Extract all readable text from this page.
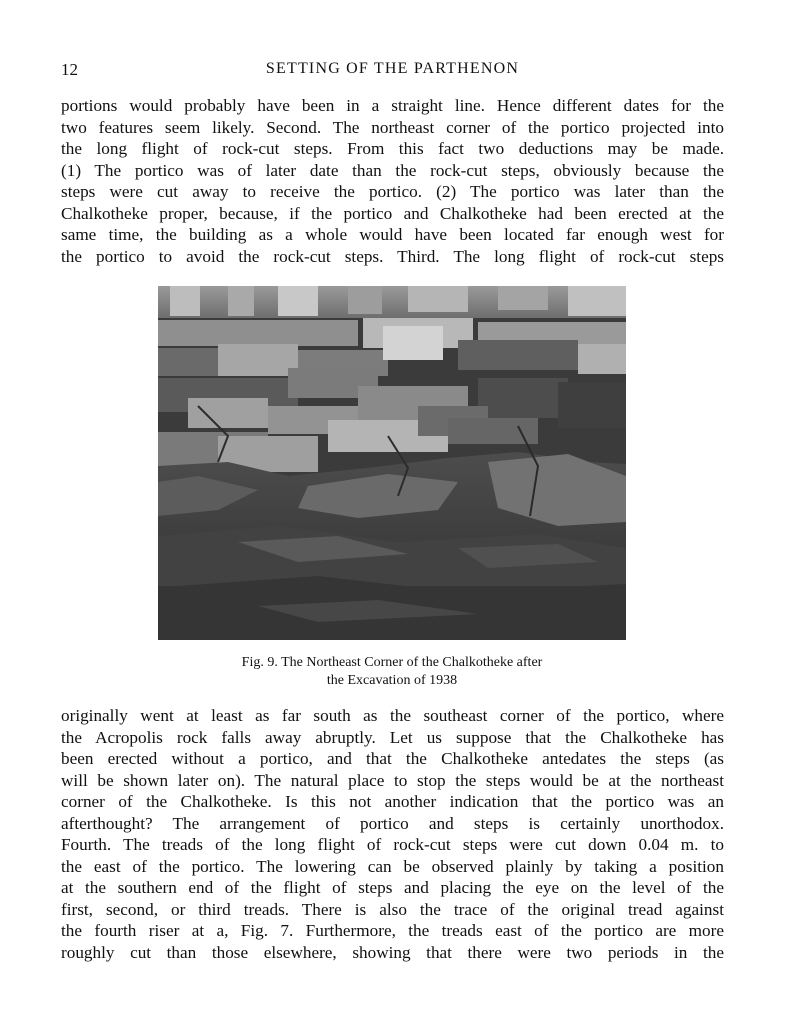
12	SETTING OF THE PARTHENON
portions would probably have been in a straight line. Hence different dates for the
two features seem likely. Second. The northeast corner of the portico projected into
the long flight of rock-cut steps. From this fact two deductions may be made.
(1) The portico was of later date than the rock-cut steps, obviously because the
steps were cut away to receive the portico. (2) The portico was later than the
Chalkotheke proper, because, if the portico and Chalkotheke had been erected at the
same time, the building as a whole would have been located far enough west for
the portico to avoid the rock-cut steps. Third. The long flight of rock-cut steps
Fig. 9. The Northeast Corner of the Chalkotheke after
the Excavation of 1938
originally went at least as far south as the southeast corner of the portico, where
the Acropolis rock falls away abruptly. Let us suppose that the Chalkotheke has
been erected without a portico, and that the Chalkotheke antedates the steps (as
will be shown later on). The natural place to stop the steps would be at the northeast
corner of the Chalkotheke. Is this not another indication that the portico was an
afterthought? The arrangement of portico and steps is certainly unorthodox.
Fourth. The treads of the long flight of rock-cut steps were cut down 0.04 m. to
the east of the portico. The lowering can be observed plainly by taking a position
at the southern end of the flight of steps and placing the eye on the level of the
first, second, or third treads. There is also the trace of the original tread against
the fourth riser at a, Fig. 7. Furthermore, the treads east of the portico are more
roughly cut than those elsewhere, showing that there were two periods in the
